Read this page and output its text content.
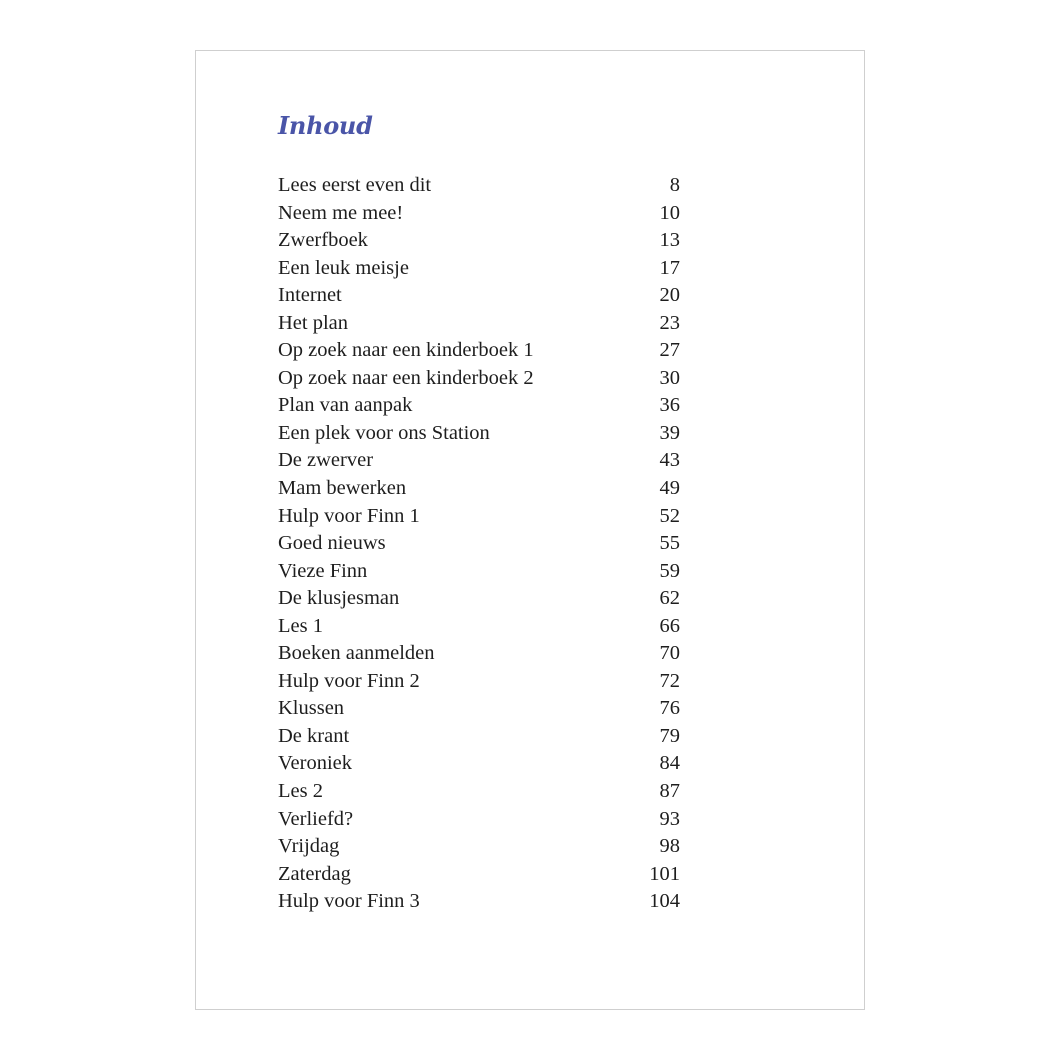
Inhoud
Lees eerst even dit	8
Neem me mee!	10
Zwerfboek	13
Een leuk meisje	17
Internet	20
Het plan	23
Op zoek naar een kinderboek 1	27
Op zoek naar een kinderboek 2	30
Plan van aanpak	36
Een plek voor ons Station	39
De zwerver	43
Mam bewerken	49
Hulp voor Finn 1	52
Goed nieuws	55
Vieze Finn	59
De klusjesman	62
Les 1	66
Boeken aanmelden	70
Hulp voor Finn 2	72
Klussen	76
De krant	79
Veroniek	84
Les 2	87
Verliefd?	93
Vrijdag	98
Zaterdag	101
Hulp voor Finn 3	104
